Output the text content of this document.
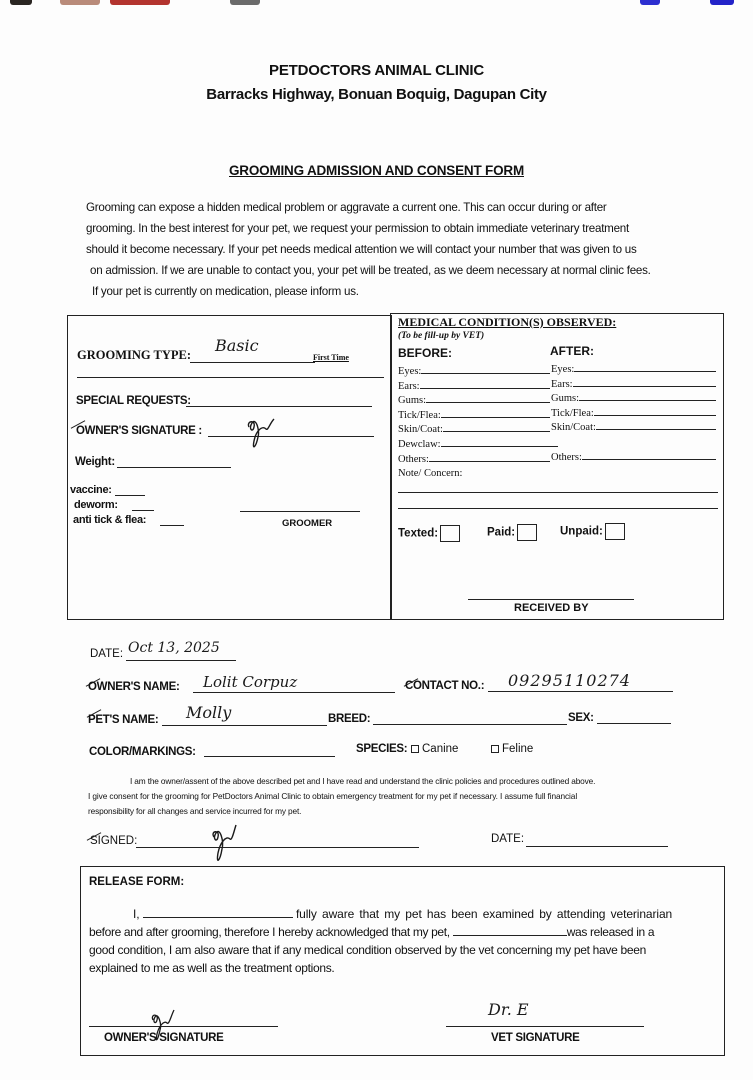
PETDOCTORS ANIMAL CLINIC
Barracks Highway, Bonuan Boquig, Dagupan City
GROOMING ADMISSION AND CONSENT FORM

Grooming can expose a hidden medical problem or aggravate a current one. This can occur during or after

grooming. In the best interest for your pet, we request your permission to obtain immediate veterinary treatment

should it become necessary. If your pet needs medical attention we will contact your number that was given to us

on admission. If we are unable to contact you, your pet will be treated, as we deem necessary at normal clinic fees.

If your pet is currently on medication, please inform us.

GROOMING TYPE: Basic
First Time
SPECIAL REQUESTS:
OWNER'S SIGNATURE :
Weight:
vaccine:
deworm:
anti tick & flea:	GROOMER
MEDICAL CONDITION(S) OBSERVED:
(To be fill-up by VET)
BEFORE:	AFTER:
Eyes:	Eyes:
Ears:	Ears:
Gums:	Gums:
Tick/Flea:	Tick/Flea:
Skin/Coat:	Skin/Coat:
Dewclaw:
Others:	Others:
Note/ Concern:
Texted:	Paid:	Unpaid:
RECEIVED BY
DATE: Oct 13, 2025
OWNER'S NAME: Lolit Corpuz	CONTACT NO.: 09295110274
PET'S NAME: Molly	BREED:	SEX:
COLOR/MARKINGS:	SPECIES:	Canine	Feline
I am the owner/assent of the above described pet and I have read and understand the clinic policies and procedures outlined above.
I give consent for the grooming for PetDoctors Animal Clinic to obtain emergency treatment for my pet if necessary. I assume full financial
responsibility for all changes and service incurred for my pet.
SIGNED:	DATE:
RELEASE FORM:
I,	fully aware that my pet has been examined by attending veterinarian
before and after grooming, therefore I hereby acknowledged that my pet,	was released in a
good condition, I am also aware that if any medical condition observed by the vet concerning my pet have been
explained to me as well as the treatment options.
OWNER'S SIGNATURE
Dr. E
VET SIGNATURE
